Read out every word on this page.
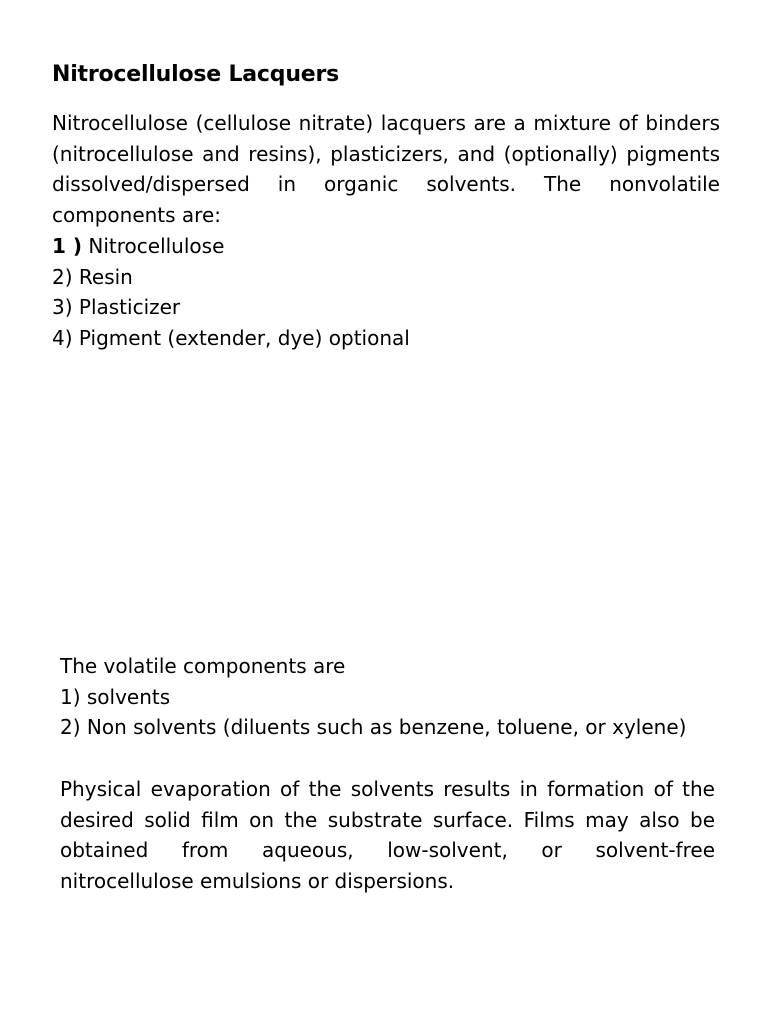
Nitrocellulose Lacquers

Nitrocellulose (cellulose nitrate) lacquers are a mixture of binders (nitrocellulose and resins), plasticizers, and (optionally) pigments dissolved/dispersed in organic solvents. The nonvolatile components are:

1 ) Nitrocellulose
2) Resin
3) Plasticizer
4) Pigment (extender, dye) optional

The volatile components are

1) solvents
2) Non solvents (diluents such as benzene, toluene, or xylene)

Physical evaporation of the solvents results in formation of the desired solid film on the substrate surface. Films may also be obtained from aqueous, low-solvent, or solvent-free nitrocellulose emulsions or dispersions.
